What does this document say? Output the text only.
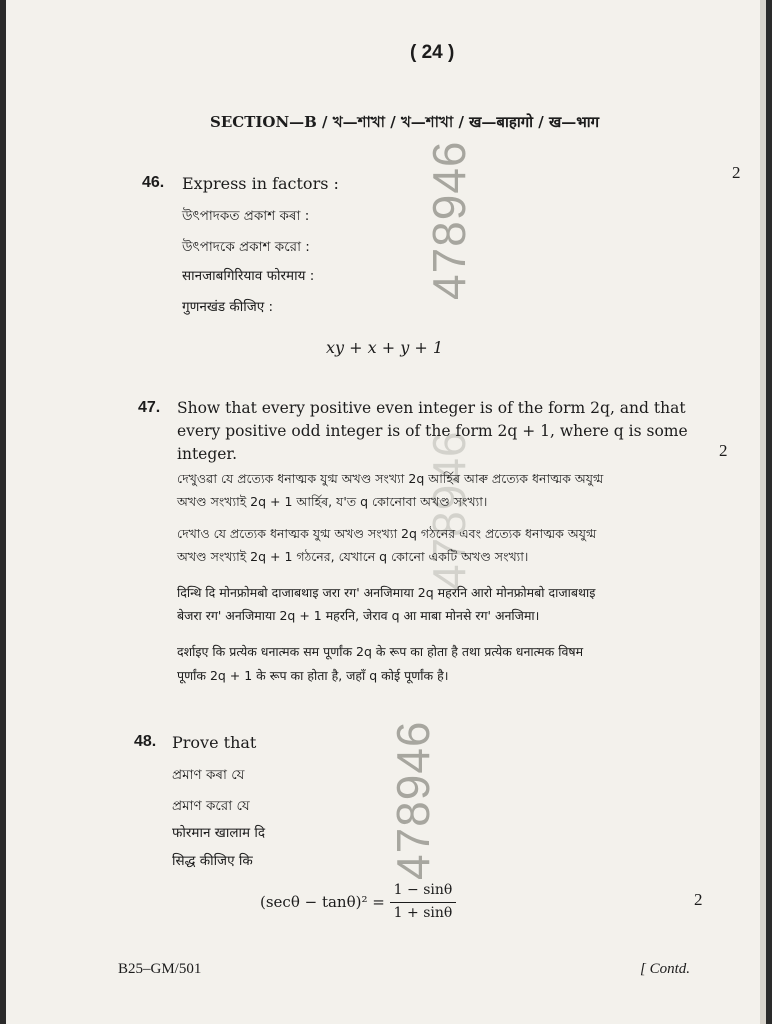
( 24 )
SECTION—B / খ—শাখা / খ—শাখা / ख—बाहागो / ख—भाग
478946
478946
478946
46. Express in factors :
2
উৎপাদকত প্ৰকাশ কৰা :
উৎপাদকে প্রকাশ করো :
सानजाबगिरियाव फोरमाय :
गुणनखंड कीजिए :
xy + x + y + 1
47. Show that every positive even integer is of the form 2q, and that
every positive odd integer is of the form 2q + 1, where q is some
integer.	2
দেখুওৱা যে প্ৰত্যেক ধনাত্মক যুগ্ম অখণ্ড সংখ্যা 2q আৰ্হিৰ আৰু প্ৰত্যেক ধনাত্মক অযুগ্ম
অখণ্ড সংখ্যাই 2q + 1 আৰ্হিৰ, য'ত q কোনোবা অখণ্ড সংখ্যা।
দেখাও যে প্রত্যেক ধনাত্মক যুগ্ম অখণ্ড সংখ্যা 2q গঠনের এবং প্রত্যেক ধনাত্মক অযুগ্ম
অখণ্ড সংখ্যাই 2q + 1 গঠনের, যেখানে q কোনো একটি অখণ্ড সংখ্যা।
दिन्थि दि मोनफ्रोमबो दाजाबथाइ जरा रग' अनजिमाया 2q महरनि आरो मोनफ्रोमबो दाजाबथाइ
बेजरा रग' अनजिमाया 2q + 1 महरनि, जेराव q आ माबा मोनसे रग' अनजिमा।
दर्शाइए कि प्रत्येक धनात्मक सम पूर्णांक 2q के रूप का होता है तथा प्रत्येक धनात्मक विषम
पूर्णांक 2q + 1 के रूप का होता है, जहाँ q कोई पूर्णांक है।
48. Prove that
প্ৰমাণ কৰা যে
প্রমাণ করো যে
फोरमान खालाम दि
सिद्ध कीजिए कि
(secθ − tanθ)² =
1 − sinθ
1 + sinθ
2
B25–GM/501	[ Contd.
